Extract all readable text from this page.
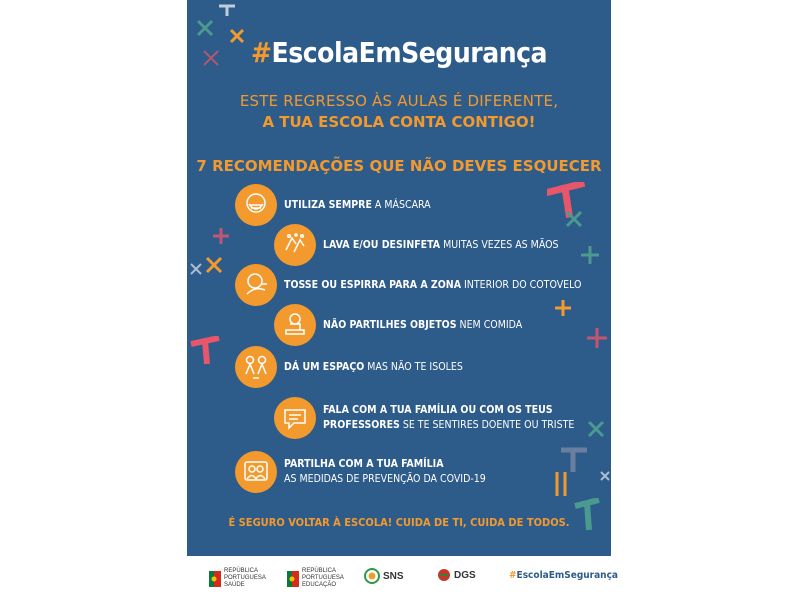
#EscolaEmSegurança
ESTE REGRESSO ÀS AULAS É DIFERENTE,
A TUA ESCOLA CONTA CONTIGO!
7 RECOMENDAÇÕES QUE NÃO DEVES ESQUECER
UTILIZA SEMPRE A MÁSCARA
LAVA E/OU DESINFETA MUITAS VEZES AS MÃOS
TOSSE OU ESPIRRA PARA A ZONA INTERIOR DO COTOVELO
NÃO PARTILHES OBJETOS NEM COMIDA
DÁ UM ESPAÇO MAS NÃO TE ISOLES
FALA COM A TUA FAMÍLIA OU COM OS TEUS
PROFESSORES SE TE SENTIRES DOENTE OU TRISTE
PARTILHA COM A TUA FAMÍLIA
AS MEDIDAS DE PREVENÇÃO DA COVID-19
É SEGURO VOLTAR À ESCOLA! CUIDA DE TI, CUIDA DE TODOS.
REPÚBLICA
PORTUGUESA
SAÚDE
REPÚBLICA
PORTUGUESA
EDUCAÇÃO
SNS	DGS	#EscolaEmSegurança
